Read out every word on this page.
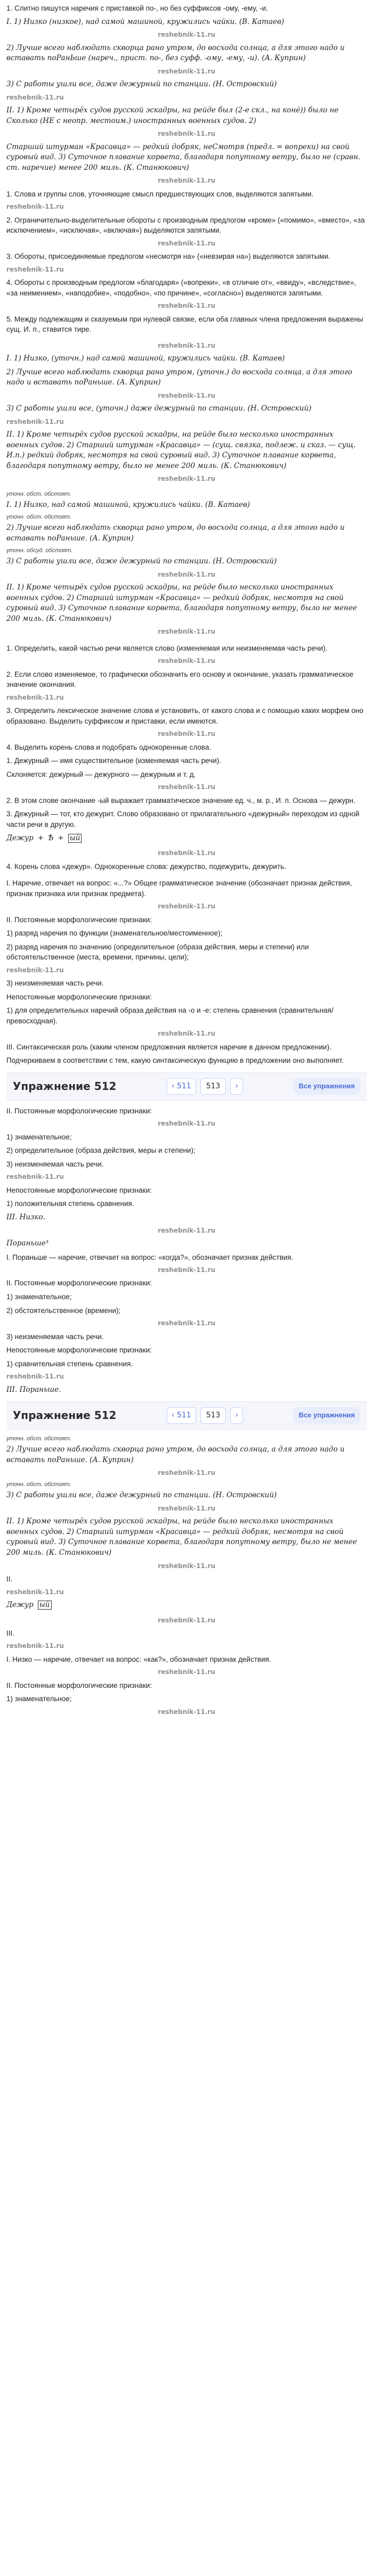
1. Слитно пишутся наречия с приставкой по-, но без суффиксов -ому, -ему, -и.
I. 1) Низко (низкое), над самой машиной, кружились чайки. (В. Катаев)
reshebnik-11.ru
2) Лучше всего наблюдать скворца рано утром, до восхода солнца, а для этого надо и вставать поРанЬше (нареч., прист. по-, без суфф. -ому, -ему, -и). (А. Куприн)
reshebnik-11.ru
3) С работы ушли все, даже дежурный по станции. (Н. Островский)
reshebnik-11.ru
II. 1) Кроме четырёх судов русской эскадры, на рейде был (2-е скл., на конé)) было не Сколько (НЕ с неопр. местоим.) иностранных военных судов. 2)
reshebnik-11.ru
Старший штурман «Красавца» — редкий добряк, неСмотря (предл. = вопреки) на свой суровый вид. 3) Суточное плавание корвета, благодаря попутному ветру, было не (сравн. ст. наречие) менее 200 миль. (К. Станюкович)
reshebnik-11.ru
1. Слова и группы слов, уточняющие смысл предшествующих слов, выделяются запятыми.
reshebnik-11.ru
2. Ограничительно-выделительные обороты с производным предлогом «кроме» («помимо», «вместо», «за исключением», «исключая», «включая») выделяются запятыми.
reshebnik-11.ru
3. Обороты, присоединяемые предлогом «несмотря на» («невзирая на») выделяются запятыми.
reshebnik-11.ru
4. Обороты с производным предлогом «благодаря» («вопреки», «в отличие от», «ввиду», «вследствие», «за неимением», «наподобие», «подобно», «по причине», «согласно») выделяются запятыми.
reshebnik-11.ru
5. Между подлежащим и сказуемым при нулевой связке, если оба главных члена предложения выражены сущ. И. п., ставится тире.
reshebnik-11.ru
I. 1) Низко, (уточн.) над самой машиной, кружились чайки. (В. Катаев)
2) Лучше всего наблюдать скворца рано утром, (уточн.) до восхода солнца, а для этого надо и вставать поРаньше. (А. Куприн)
reshebnik-11.ru
3) С работы ушли все, (уточн.) даже дежурный по станции. (Н. Островский)
reshebnik-11.ru
II. 1) Кроме четырёх судов русской эскадры, на рейде было несколько иностранных военных судов. 2) Старший штурман «Красавца» — (сущ. связка, подлеж. и сказ. — сущ. И.п.) редкий добряк, несмотря на свой суровый вид. 3) Суточное плавание корвета, благодаря попутному ветру, было не менее 200 миль. (К. Станюкович)
reshebnik-11.ru
уточн. обст. обстоят.
I. 1) Низко, над самой машиной, кружились чайки. (В. Катаев)
уточн. обст. обстоят.
2) Лучше всего наблюдать скворца рано утром, до восхода солнца, а для этого надо и вставать поРаньше. (А. Куприн)
уточн. обсуд. обстоят.
3) С работы ушли все, даже дежурный по станции. (Н. Островский)
reshebnik-11.ru
II. 1) Кроме четырёх судов русской эскадры, на рейде было несколько иностранных военных судов. 2) Старший штурман «Красавца» — редкий добряк, несмотря на свой суровый вид. 3) Суточное плавание корвета, благодаря попутному ветру, было не менее 200 миль. (К. Станюкович)
reshebnik-11.ru
1. Определить, какой частью речи является слово (изменяемая или неизменяемая часть речи).
reshebnik-11.ru
2. Если слово изменяемое, то графически обозначить его основу и окончание, указать грамматическое значение окончания.
reshebnik-11.ru
3. Определить лексическое значение слова и установить, от какого слова и с помощью каких морфем оно образовано. Выделить суффиксом и приставки, если имеются.
reshebnik-11.ru
4. Выделить корень слова и подобрать однокоренные слова.
1. Дежурный — имя существительное (изменяемая часть речи).
Склоняется: дежурный — дежурного — дежурным и т. д.
reshebnik-11.ru
2. В этом слове окончание -ый выражает грамматическое значение ед. ч., м. р., И. п. Основа — дежурн.
3. Дежурный — тот, кто дежурит. Слово образовано от прилагательного «дежурный» переходом из одной части речи в другую.
Дежур + Ѣ + ый
reshebnik-11.ru
4. Корень слова «дежур». Однокоренные слова: дежурство, подежурить, дежурить.
I. Наречие, отвечает на вопрос: «...?» Общее грамматическое значение (обозначает признак действия, признак признака или признак предмета).
reshebnik-11.ru
II. Постоянные морфологические признаки:
1) разряд наречия по функции (знаменательное/местоименное);
2) разряд наречия по значению (определительное (образа действия, меры и степени) или обстоятельственное (места, времени, причины, цели);
reshebnik-11.ru
3) неизменяемая часть речи.
Непостоянные морфологические признаки:
1) для определительных наречий образа действия на -о и -е: степень сравнения (сравнительная/превосходная).
reshebnik-11.ru
III. Синтаксическая роль (каким членом предложения является наречие в данном предложении).
Подчеркиваем в соответствии с тем, какую синтаксическую функцию в предложении оно выполняет.
Упражнение 512	‹ 511	513	›	Все упражнения
II. Постоянные морфологические признаки:
reshebnik-11.ru
1) знаменательное;
2) определительное (образа действия, меры и степени);
3) неизменяемая часть речи.
reshebnik-11.ru
Непостоянные морфологические признаки:
1) положительная степень сравнения.
III. Низко.
reshebnik-11.ru
Пораньше³
I. Пораньше — наречие, отвечает на вопрос: «когда?», обозначает признак действия.
reshebnik-11.ru
II. Постоянные морфологические признаки:
1) знаменательное;
2) обстоятельственное (времени);
reshebnik-11.ru
3) неизменяемая часть речи.
Непостоянные морфологические признаки:
1) сравнительная степень сравнения.
reshebnik-11.ru
III. Пораньше.
Упражнение 512	‹ 511	513	›	Все упражнения
уточн. обст. обстоят.
2) Лучше всего наблюдать скворца рано утром, до восхода солнца, а для этого надо и вставать поРаньше. (А. Куприн)
reshebnik-11.ru
уточн. обст. обстоят.
3) С работы ушли все, даже дежурный по станции. (Н. Островский)
reshebnik-11.ru
II. 1) Кроме четырёх судов русской эскадры, на рейде было несколько иностранных военных судов. 2) Старший штурман «Красавца» — редкий добряк, несмотря на свой суровый вид. 3) Суточное плавание корвета, благодаря попутному ветру, было не менее 200 миль. (К. Станюкович)
reshebnik-11.ru
II.
reshebnik-11.ru
Дежур ый
reshebnik-11.ru
III.
reshebnik-11.ru
I. Низко — наречие, отвечает на вопрос: «как?», обозначает признак действия.
reshebnik-11.ru
II. Постоянные морфологические признаки:
1) знаменательное;
reshebnik-11.ru
